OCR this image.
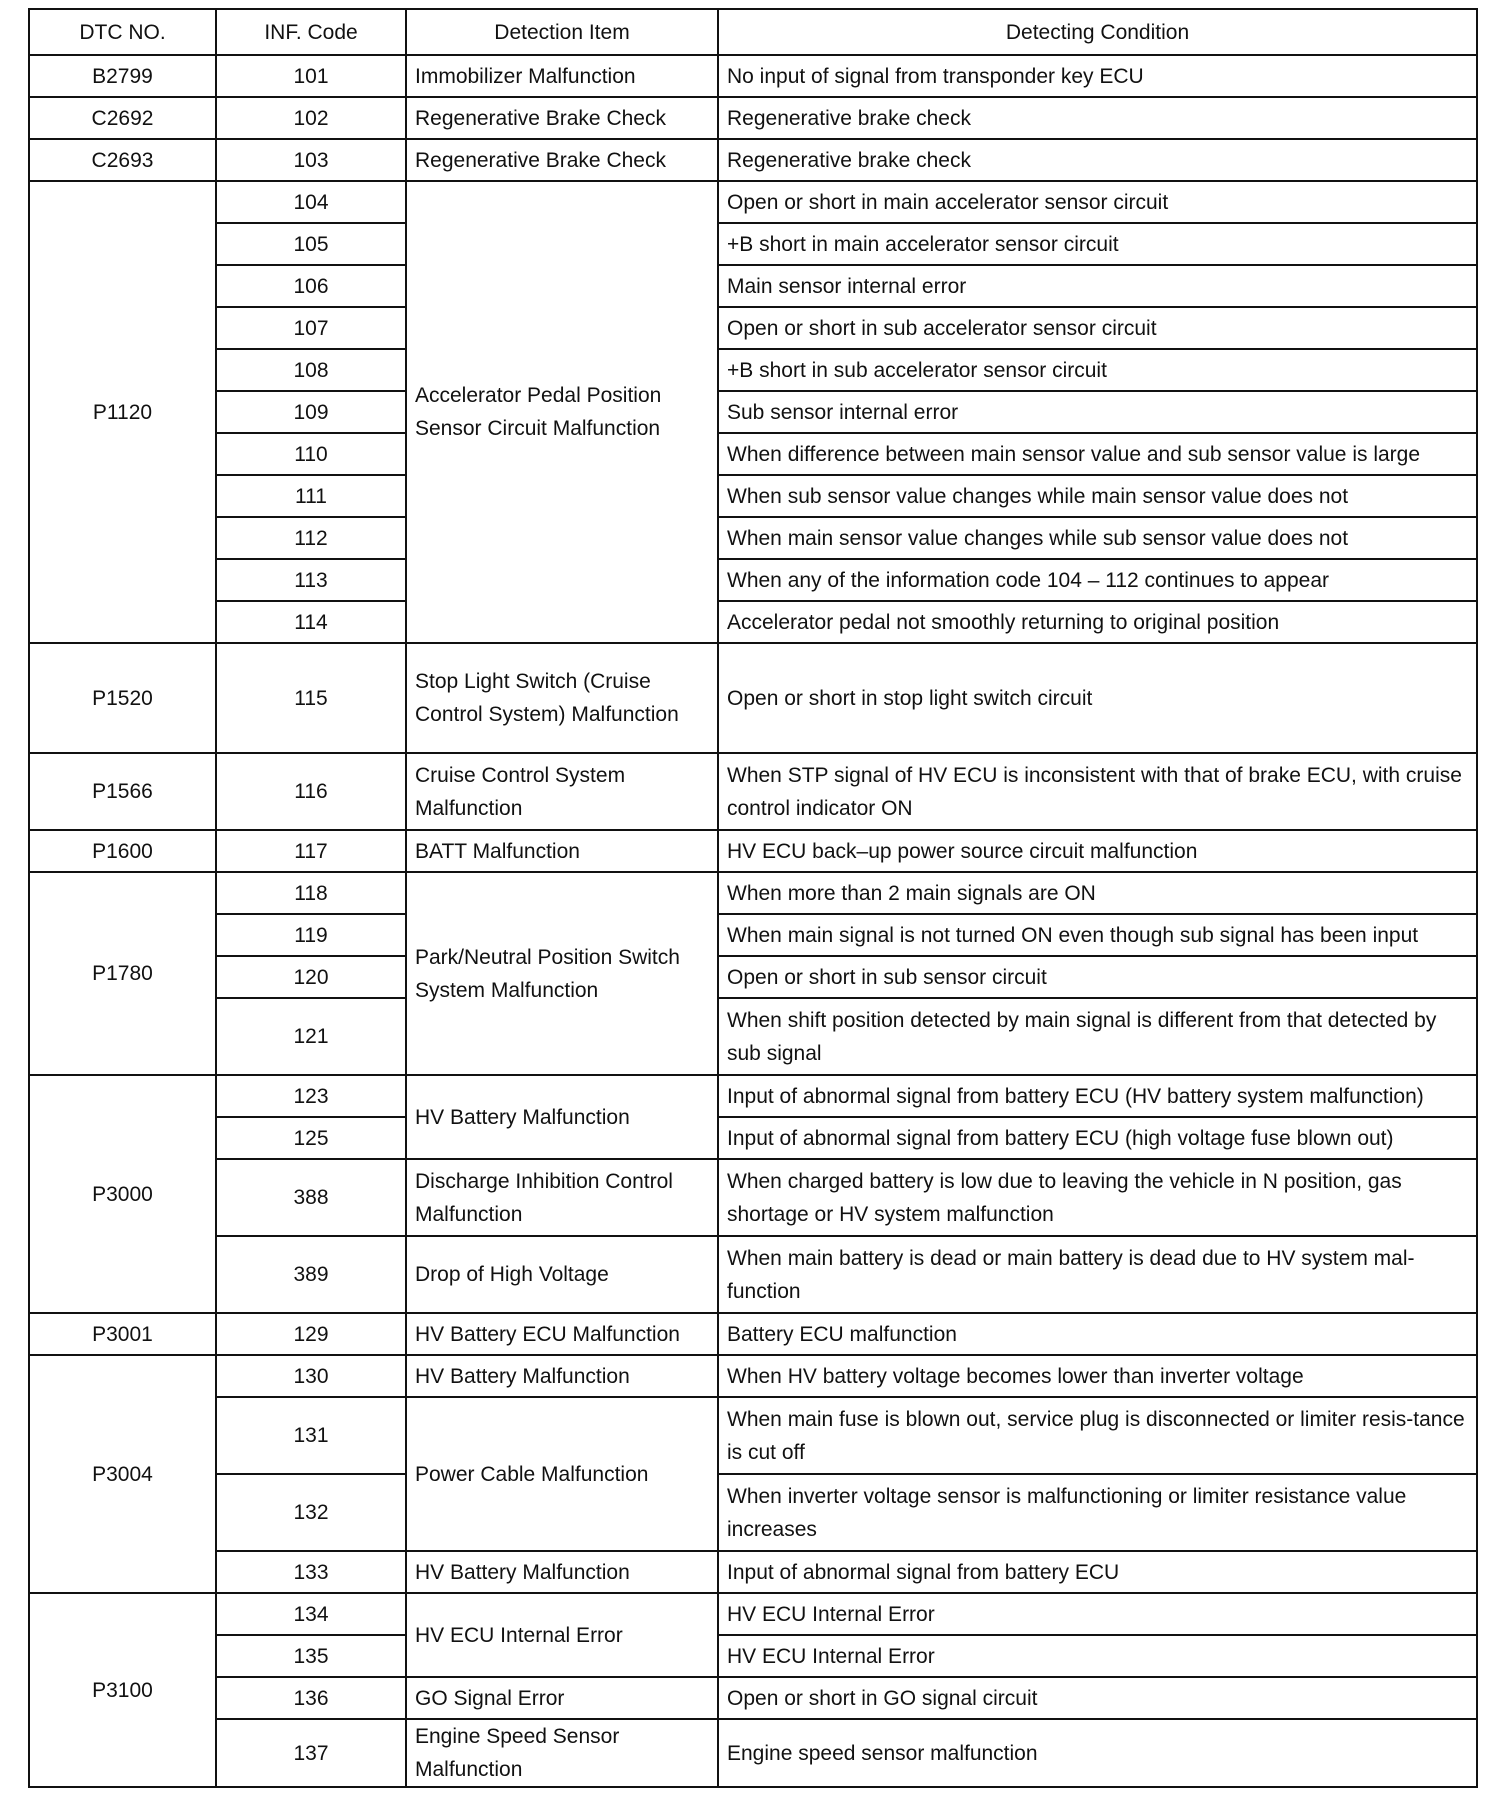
DTC NO.	INF. Code	Detection Item	Detecting Condition
B2799	101	Immobilizer Malfunction	No input of signal from transponder key ECU
C2692	102	Regenerative Brake Check	Regenerative brake check
C2693	103	Regenerative Brake Check	Regenerative brake check
P1120	104	Accelerator Pedal Position Sensor Circuit Malfunction	Open or short in main accelerator sensor circuit
	105		+B short in main accelerator sensor circuit
	106		Main sensor internal error
	107		Open or short in sub accelerator sensor circuit
	108		+B short in sub accelerator sensor circuit
	109		Sub sensor internal error
	110		When difference between main sensor value and sub sensor value is large
	111		When sub sensor value changes while main sensor value does not
	112		When main sensor value changes while sub sensor value does not
	113		When any of the information code 104 – 112 continues to appear
	114		Accelerator pedal not smoothly returning to original position
P1520	115	Stop Light Switch (Cruise Control System) Malfunction	Open or short in stop light switch circuit
P1566	116	Cruise Control System Malfunction	When STP signal of HV ECU is inconsistent with that of brake ECU, with cruise control indicator ON
P1600	117	BATT Malfunction	HV ECU back–up power source circuit malfunction
P1780	118	Park/Neutral Position Switch System Malfunction	When more than 2 main signals are ON
	119		When main signal is not turned ON even though sub signal has been input
	120		Open or short in sub sensor circuit
	121		When shift position detected by main signal is different from that detected by sub signal
P3000	123	HV Battery Malfunction	Input of abnormal signal from battery ECU (HV battery system malfunction)
	125		Input of abnormal signal from battery ECU (high voltage fuse blown out)
	388	Discharge Inhibition Control Malfunction	When charged battery is low due to leaving the vehicle in N position, gas shortage or HV system malfunction
	389	Drop of High Voltage	When main battery is dead or main battery is dead due to HV system mal-function
P3001	129	HV Battery ECU Malfunction	Battery ECU malfunction
P3004	130	HV Battery Malfunction	When HV battery voltage becomes lower than inverter voltage
	131	Power Cable Malfunction	When main fuse is blown out, service plug is disconnected or limiter resis-tance is cut off
	132		When inverter voltage sensor is malfunctioning or limiter resistance value increases
	133	HV Battery Malfunction	Input of abnormal signal from battery ECU
P3100	134	HV ECU Internal Error	HV ECU Internal Error
	135		HV ECU Internal Error
	136	GO Signal Error	Open or short in GO signal circuit
	137	Engine Speed Sensor Malfunction	Engine speed sensor malfunction
